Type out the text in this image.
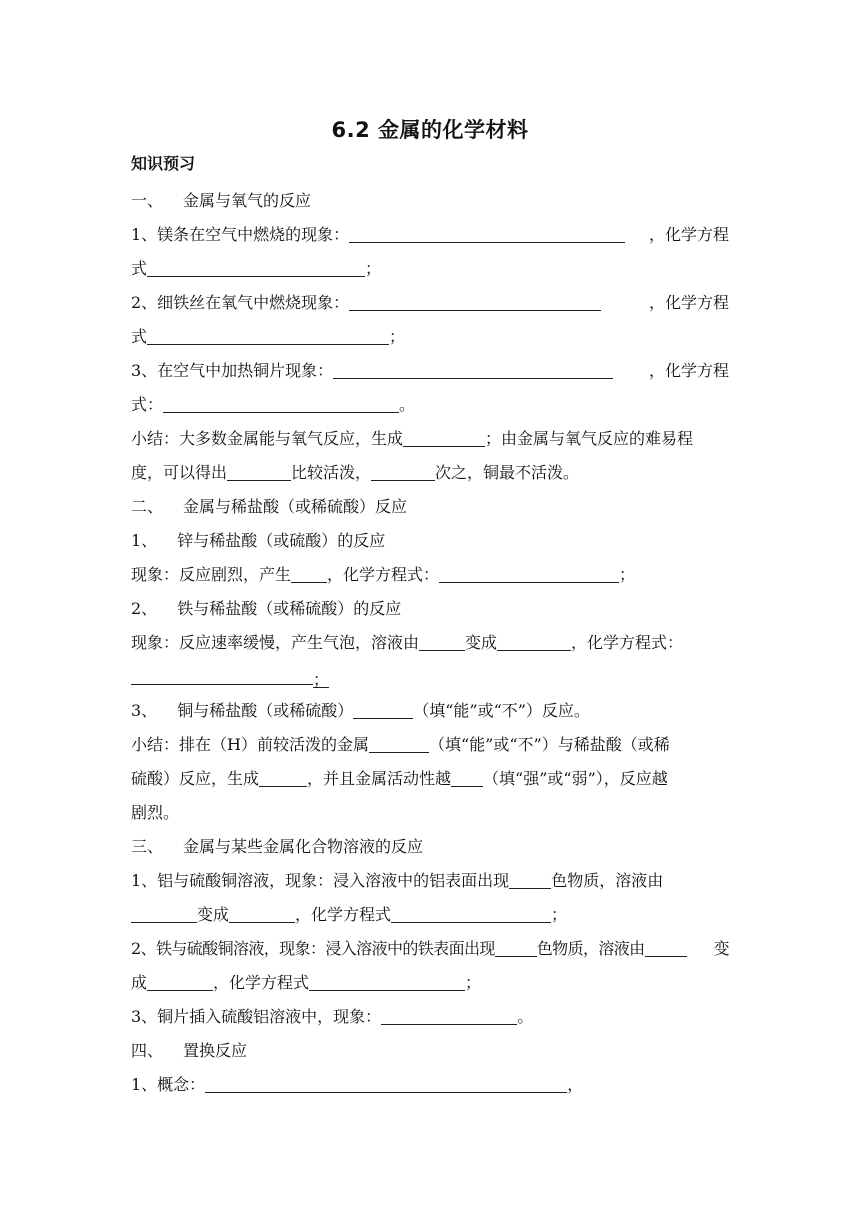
6.2 金属的化学材料
知识预习
一、 金属与氧气的反应
1、镁条在空气中燃烧的现象：	，化学方程
式	；
2、细铁丝在氧气中燃烧现象：	，化学方程
式	；
3、在空气中加热铜片现象：	，化学方程
式：	。
小结：大多数金属能与氧气反应，生成	；由金属与氧气反应的难易程
度，可以得出	比较活泼，	次之，铜最不活泼。
二、 金属与稀盐酸（或稀硫酸）反应
1、 锌与稀盐酸（或硫酸）的反应
现象：反应剧烈，产生 ，化学方程式：	；
2、 铁与稀盐酸（或稀硫酸）的反应
现象：反应速率缓慢，产生气泡，溶液由	变成	，化学方程式：
；
3、 铜与稀盐酸（或稀硫酸）	（填“能”或“不”）反应。
小结：排在（H）前较活泼的金属	（填“能”或“不”）与稀盐酸（或稀
硫酸）反应，生成	，并且金属活动性越 （填“强”或“弱”），反应越
剧烈。
三、 金属与某些金属化合物溶液的反应
1、铝与硫酸铜溶液，现象：浸入溶液中的铝表面出现	色物质，溶液由
变成	，化学方程式	；
2、铁与硫酸铜溶液，现象：浸入溶液中的铁表面出现	色物质，溶液由	变
成	，化学方程式	；
3、铜片插入硫酸铝溶液中，现象：	。
四、 置换反应
1、概念：	，
